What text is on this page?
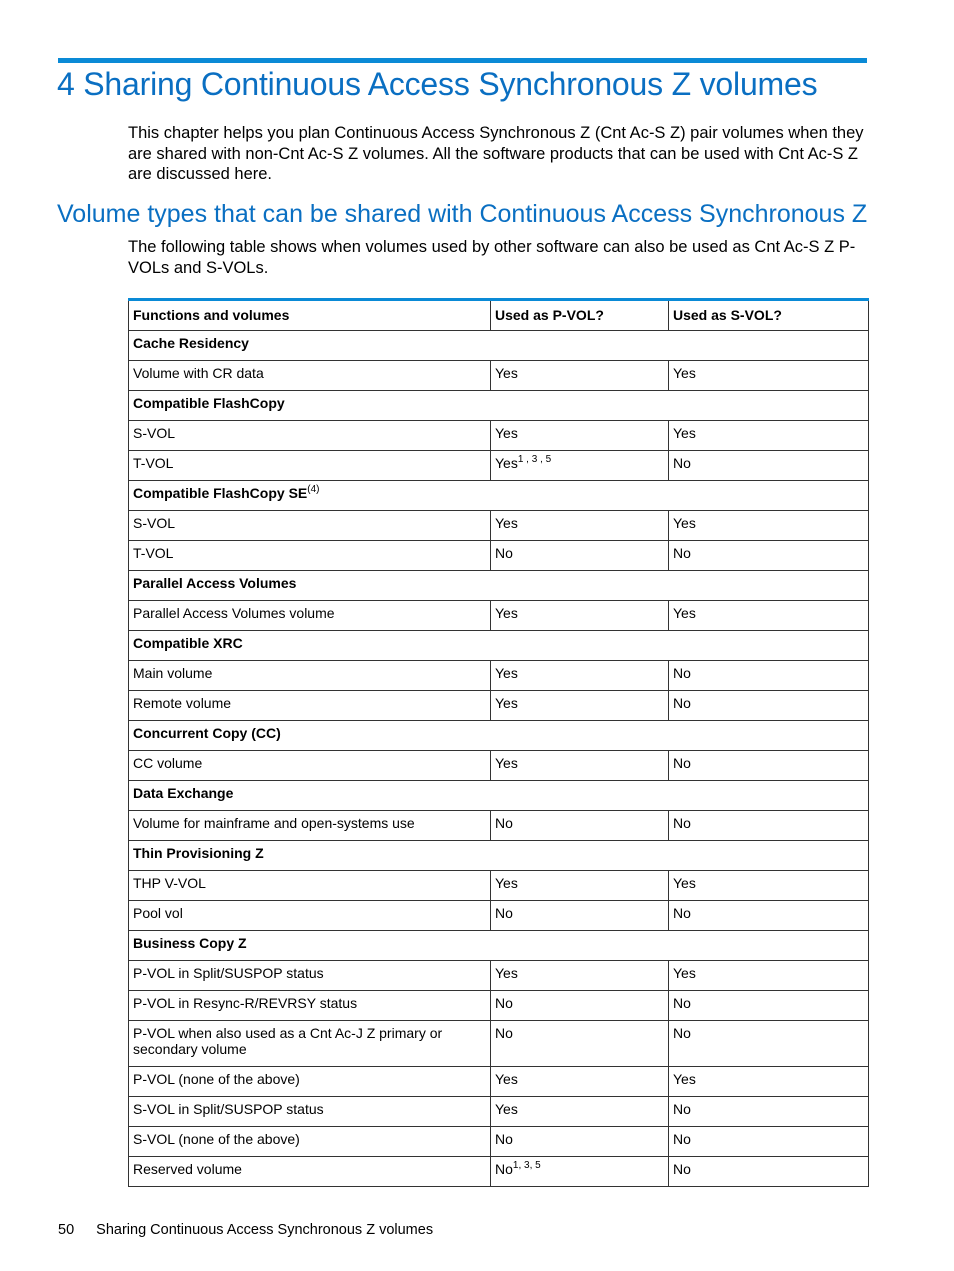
4 Sharing Continuous Access Synchronous Z volumes

This chapter helps you plan Continuous Access Synchronous Z (Cnt Ac-S Z) pair volumes when they are shared with non-Cnt Ac-S Z volumes. All the software products that can be used with Cnt Ac-S Z are discussed here.

Volume types that can be shared with Continuous Access Synchronous Z

The following table shows when volumes used by other software can also be used as Cnt Ac-S Z P-VOLs and S-VOLs.

Functions and volumes	Used as P-VOL?	Used as S-VOL?
Cache Residency		
Volume with CR data	Yes	Yes
Compatible FlashCopy		
S-VOL	Yes	Yes
T-VOL	Yes$^{1 , 3 , 5}$	No
Compatible FlashCopy SE$^{(4)}$
S-VOL	Yes	Yes
T-VOL	No	No
Parallel Access Volumes		
Parallel Access Volumes volume	Yes	Yes
Compatible XRC		
Main volume	Yes	No
Remote volume	Yes	No
Concurrent Copy (CC)		
CC volume	Yes	No
Data Exchange		
Volume for mainframe and open-systems use	No	No
Thin Provisioning Z		
THP V-VOL	Yes	Yes
Pool vol	No	No
Business Copy Z		
P-VOL in Split/SUSPOP status	Yes	Yes
P-VOL in Resync-R/REVRSY status	No	No
P-VOL when also used as a Cnt Ac-J Z primary or secondary volume	No	No
P-VOL (none of the above)	Yes	Yes
S-VOL in Split/SUSPOP status	Yes	No
S-VOL (none of the above)	No	No
Reserved volume	No$^{1, 3, 5}$	No
50 Sharing Continuous Access Synchronous Z volumes
